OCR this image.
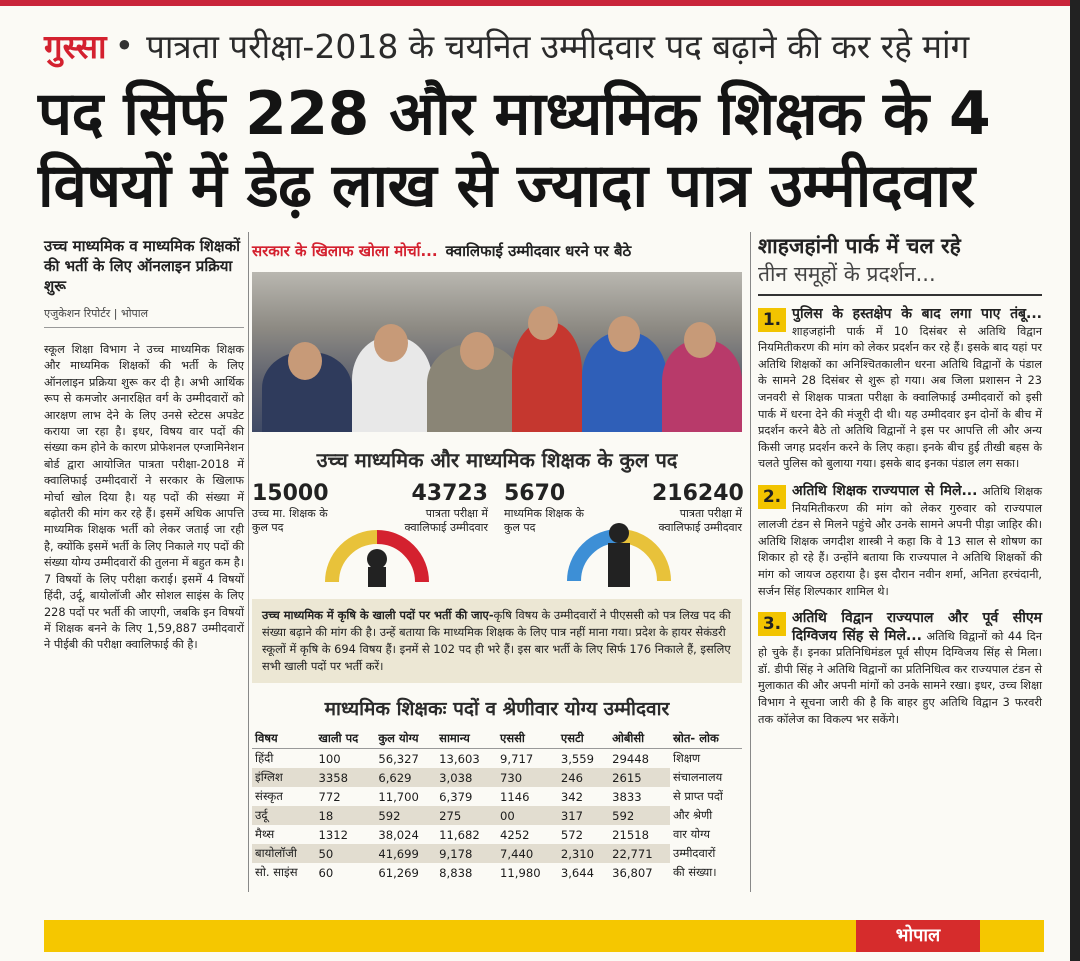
गुस्सा • पात्रता परीक्षा-2018 के चयनित उम्मीदवार पद बढ़ाने की कर रहे मांग
पद सिर्फ 228 और माध्यमिक शिक्षक के 4 विषयों में डेढ़ लाख से ज्यादा पात्र उम्मीदवार
उच्च माध्यमिक व माध्यमिक शिक्षकों की भर्ती के लिए ऑनलाइन प्रक्रिया शुरू
एजुकेशन रिपोर्टर | भोपाल
स्कूल शिक्षा विभाग ने उच्च माध्यमिक शिक्षक और माध्यमिक शिक्षकों की भर्ती के लिए ऑनलाइन प्रक्रिया शुरू कर दी है। अभी आर्थिक रूप से कमजोर अनारक्षित वर्ग के उम्मीदवारों को आरक्षण लाभ देने के लिए उनसे स्टेटस अपडेट कराया जा रहा है। इधर, विषय वार पदों की संख्या कम होने के कारण प्रोफेशनल एग्जामिनेशन बोर्ड द्वारा आयोजित पात्रता परीक्षा-2018 में क्वालिफाई उम्मीदवारों ने सरकार के खिलाफ मोर्चा खोल दिया है। यह पदों की संख्या में बढ़ोतरी की मांग कर रहे हैं। इसमें अधिक आपत्ति माध्यमिक शिक्षक भर्ती को लेकर जताई जा रही है, क्योंकि इसमें भर्ती के लिए निकाले गए पदों की संख्या योग्य उम्मीदवारों की तुलना में बहुत कम है। 7 विषयों के लिए परीक्षा कराई। इसमें 4 विषयों हिंदी, उर्दू, बायोलॉजी और सोशल साइंस के लिए 228 पदों पर भर्ती की जाएगी, जबकि इन विषयों में शिक्षक बनने के लिए 1,59,887 उम्मीदवारों ने पीईबी की परीक्षा क्वालिफाई की है।
सरकार के खिलाफ खोला मोर्चा... क्वालिफाई उम्मीदवार धरने पर बैठे
उच्च माध्यमिक और माध्यमिक शिक्षक के कुल पद
15000
उच्च मा. शिक्षक के कुल पद
43723
पात्रता परीक्षा में क्वालिफाई उम्मीदवार
5670
माध्यमिक शिक्षक के कुल पद
216240
पात्रता परीक्षा में क्वालिफाई उम्मीदवार
उच्च माध्यमिक में कृषि के खाली पदों पर भर्ती की जाए-कृषि विषय के उम्मीदवारों ने पीएससी को पत्र लिख पद की संख्या बढ़ाने की मांग की है। उन्हें बताया कि माध्यमिक शिक्षक के लिए पात्र नहीं माना गया। प्रदेश के हायर सेकंडरी स्कूलों में कृषि के 694 विषय हैं। इनमें से 102 पद ही भरे हैं। इस बार भर्ती के लिए सिर्फ 176 निकाले हैं, इसलिए सभी खाली पदों पर भर्ती करें।
माध्यमिक शिक्षकः पदों व श्रेणीवार योग्य उम्मीदवार
विषय	खाली पद	कुल योग्य	सामान्य	एससी	एसटी	ओबीसी	स्रोत- लोक
हिंदी	100	56,327	13,603	9,717	3,559	29448	शिक्षण
इंग्लिश	3358	6,629	3,038	730	246	2615	संचालनालय
संस्कृत	772	11,700	6,379	1146	342	3833	से प्राप्त पदों
उर्दू	18	592	275	00	317	592	और श्रेणी
मैथ्स	1312	38,024	11,682	4252	572	21518	वार योग्य
बायोलॉजी	50	41,699	9,178	7,440	2,310	22,771	उम्मीदवारों
सो. साइंस	60	61,269	8,838	11,980	3,644	36,807	की संख्या।
शाहजहांनी पार्क में चल रहे
तीन समूहों के प्रदर्शन...
1. पुलिस के हस्तक्षेप के बाद लगा पाए तंबू... शाहजहांनी पार्क में 10 दिसंबर से अतिथि विद्वान नियमितीकरण की मांग को लेकर प्रदर्शन कर रहे हैं। इसके बाद यहां पर अतिथि शिक्षकों का अनिश्चितकालीन धरना अतिथि विद्वानों के पंडाल के सामने 28 दिसंबर से शुरू हो गया। अब जिला प्रशासन ने 23 जनवरी से शिक्षक पात्रता परीक्षा के क्वालिफाई उम्मीदवारों को इसी पार्क में धरना देने की मंजूरी दी थी। यह उम्मीदवार इन दोनों के बीच में प्रदर्शन करने बैठे तो अतिथि विद्वानों ने इस पर आपत्ति ली और अन्य किसी जगह प्रदर्शन करने के लिए कहा। इनके बीच हुई तीखी बहस के चलते पुलिस को बुलाया गया। इसके बाद इनका पंडाल लग सका।
2. अतिथि शिक्षक राज्यपाल से मिले... अतिथि शिक्षक नियमितीकरण की मांग को लेकर गुरुवार को राज्यपाल लालजी टंडन से मिलने पहुंचे और उनके सामने अपनी पीड़ा जाहिर की। अतिथि शिक्षक जगदीश शास्त्री ने कहा कि वे 13 साल से शोषण का शिकार हो रहे हैं। उन्होंने बताया कि राज्यपाल ने अतिथि शिक्षकों की मांग को जायज ठहराया है। इस दौरान नवीन शर्मा, अनिता हरचंदानी, सर्जन सिंह शिल्पकार शामिल थे।
3. अतिथि विद्वान राज्यपाल और पूर्व सीएम दिग्विजय सिंह से मिले... अतिथि विद्वानों को 44 दिन हो चुके हैं। इनका प्रतिनिधिमंडल पूर्व सीएम दिग्विजय सिंह से मिला। डॉ. डीपी सिंह ने अतिथि विद्वानों का प्रतिनिधित्व कर राज्यपाल टंडन से मुलाकात की और अपनी मांगों को उनके सामने रखा। इधर, उच्च शिक्षा विभाग ने सूचना जारी की है कि बाहर हुए अतिथि विद्वान 3 फरवरी तक कॉलेज का विकल्प भर सकेंगे।
भोपाल
